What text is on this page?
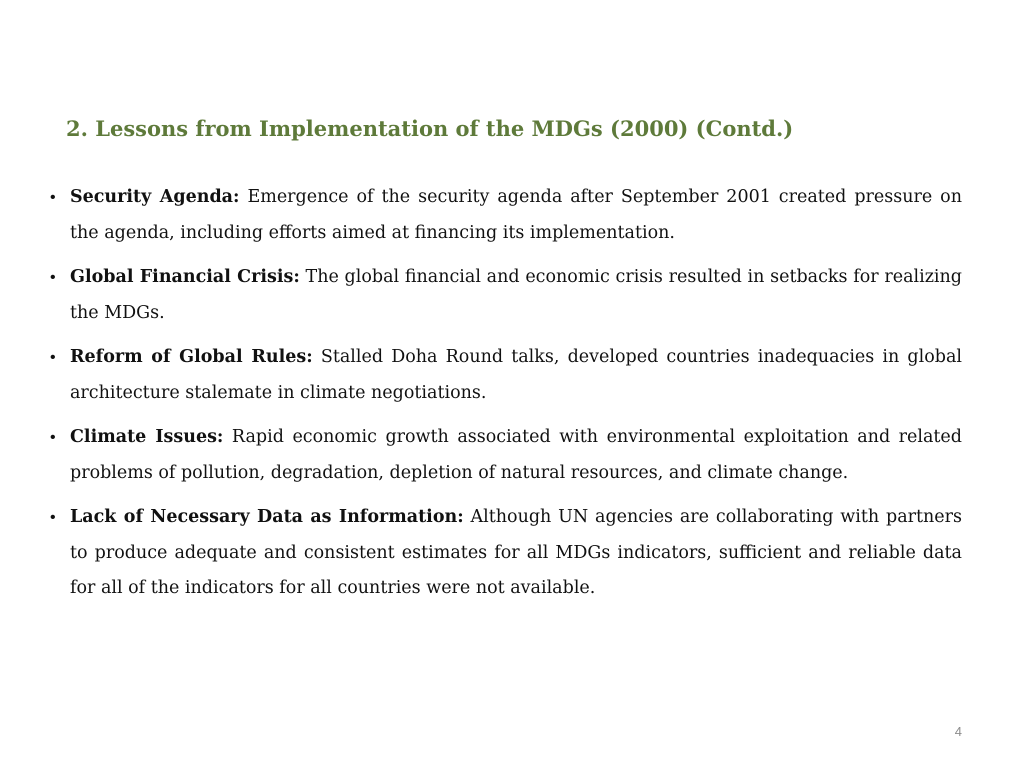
2. Lessons from Implementation of the MDGs (2000) (Contd.)
• Security Agenda: Emergence of the security agenda after September 2001 created pressure on the agenda, including efforts aimed at financing its implementation.
• Global Financial Crisis: The global financial and economic crisis resulted in setbacks for realizing the MDGs.
• Reform of Global Rules: Stalled Doha Round talks, developed countries inadequacies in global architecture stalemate in climate negotiations.
• Climate Issues: Rapid economic growth associated with environmental exploitation and related problems of pollution, degradation, depletion of natural resources, and climate change.
• Lack of Necessary Data as Information: Although UN agencies are collaborating with partners to produce adequate and consistent estimates for all MDGs indicators, sufficient and reliable data for all of the indicators for all countries were not available.
4
